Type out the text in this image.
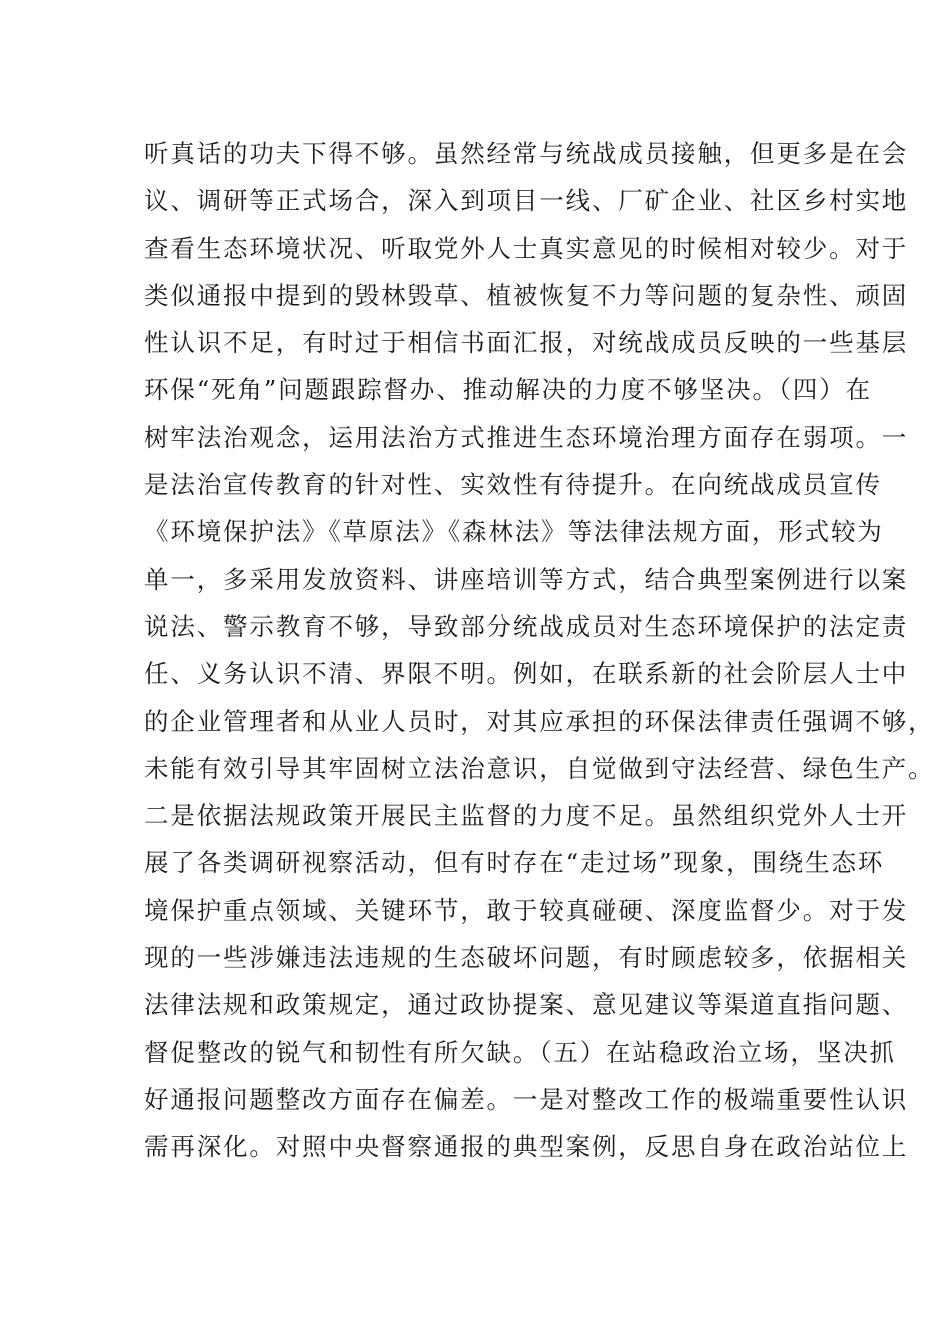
听真话的功夫下得不够。虽然经常与统战成员接触，但更多是在会
议、调研等正式场合，深入到项目一线、厂矿企业、社区乡村实地
查看生态环境状况、听取党外人士真实意见的时候相对较少。对于
类似通报中提到的毁林毁草、植被恢复不力等问题的复杂性、顽固
性认识不足，有时过于相信书面汇报，对统战成员反映的一些基层
环保“死角”问题跟踪督办、推动解决的力度不够坚决。（四）在
树牢法治观念，运用法治方式推进生态环境治理方面存在弱项。一
是法治宣传教育的针对性、实效性有待提升。在向统战成员宣传
《环境保护法》《草原法》《森林法》等法律法规方面，形式较为
单一，多采用发放资料、讲座培训等方式，结合典型案例进行以案
说法、警示教育不够，导致部分统战成员对生态环境保护的法定责
任、义务认识不清、界限不明。例如，在联系新的社会阶层人士中
的企业管理者和从业人员时，对其应承担的环保法律责任强调不够，
未能有效引导其牢固树立法治意识，自觉做到守法经营、绿色生产。
二是依据法规政策开展民主监督的力度不足。虽然组织党外人士开
展了各类调研视察活动，但有时存在“走过场”现象，围绕生态环
境保护重点领域、关键环节，敢于较真碰硬、深度监督少。对于发
现的一些涉嫌违法违规的生态破坏问题，有时顾虑较多，依据相关
法律法规和政策规定，通过政协提案、意见建议等渠道直指问题、
督促整改的锐气和韧性有所欠缺。（五）在站稳政治立场，坚决抓
好通报问题整改方面存在偏差。一是对整改工作的极端重要性认识
需再深化。对照中央督察通报的典型案例，反思自身在政治站位上
